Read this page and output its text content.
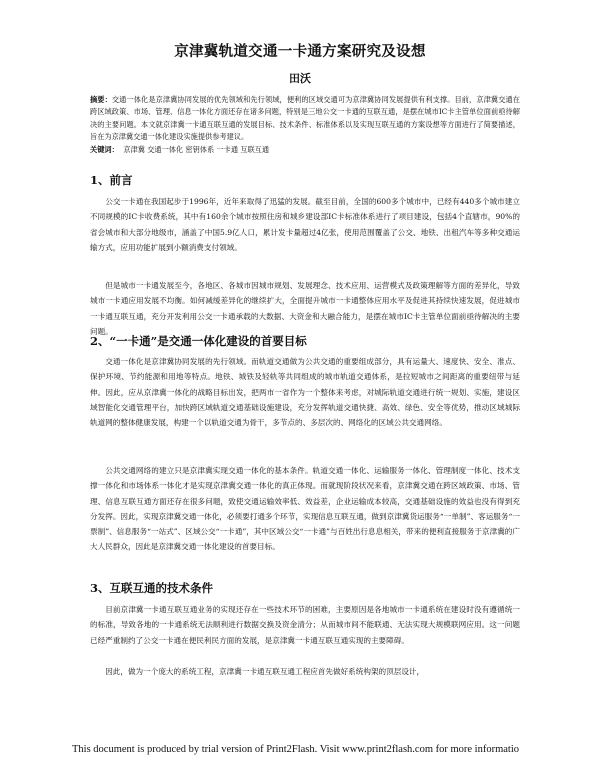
京津冀轨道交通一卡通方案研究及设想
田沃
摘要：交通一体化是京津冀协同发展的优先领域和先行领域，便利的区域交通可为京津冀协同发展提供有利支撑。目前，京津冀交通在跨区域政策、市场、管理、信息一体化方面还存在诸多问题，特别是三地公交一卡通的互联互通，是摆在城市IC卡主管单位面前亟待解决的主要问题。本文就京津冀一卡通互联互通的发展目标、技术条件、标准体系以及实现互联互通的方案设想等方面进行了简要描述，旨在为京津冀交通一体化建设实施提供参考建议。
关键词： 京津冀 交通一体化 密钥体系 一卡通 互联互通
1、前言
公交一卡通在我国起步于1996年，近年来取得了迅猛的发展。截至目前，全国的600多个城市中，已经有440多个城市建立不同规模的IC卡收费系统，其中有160余个城市按照住房和城乡建设部IC卡标准体系进行了项目建设，包括4个直辖市，90%的省会城市和大部分地级市，涵盖了中国5.9亿人口，累计发卡量超过4亿张，使用范围覆盖了公交、地铁、出租汽车等多种交通运输方式，应用功能扩展到小额消费支付领域。
但是城市一卡通发展至今，各地区、各城市因城市规划、发展理念、技术应用、运营模式及政策理解等方面的差异化，导致城市一卡通应用发展不均衡。如何减缓差异化的继续扩大，全面提升城市一卡通整体应用水平及促进其持续快速发展，促进城市一卡通互联互通，充分开发利用公交一卡通承载的大数据、大资金和大融合能力，是摆在城市IC卡主管单位面前亟待解决的主要问题。
2、“一卡通”是交通一体化建设的首要目标
交通一体化是京津冀协同发展的先行领域。而轨道交通做为公共交通的重要组成部分，具有运量大、速度快、安全、准点、保护环境、节约能源和用地等特点。地铁、城铁及轻轨等共同组成的城市轨道交通体系，是拉短城市之间距离的重要纽带与延伸。因此，应从京津冀一体化的战略目标出发，把两市一省作为一个整体来考虑，对城际轨道交通进行统一规划、实施，建设区域智能化交通管理平台，加快跨区域轨道交通基础设施建设，充分发挥轨道交通快捷、高效、绿色、安全等优势，推动区域城际轨道网的整体健康发展，构建一个以轨道交通为骨干，多节点的、多层次的、网络化的区域公共交通网络。
公共交通网络的建立只是京津冀实现交通一体化的基本条件。轨道交通一体化、运输服务一体化、管理制度一体化、技术支撑一体化和市场体系一体化才是实现京津冀交通一体化的真正体现。而就现阶段状况来看，京津冀交通在跨区域政策、市场、管理、信息互联互通方面还存在很多问题，致使交通运输效率低、效益差，企业运输成本较高，交通基础设施的效益也没有得到充分发挥。因此，实现京津冀交通一体化，必须要打通多个环节，实现信息互联互通，做到京津冀货运服务“一单制”、客运服务“一票制”、信息服务“一站式”、区域公交“一卡通”，其中区域公交“一卡通”与百姓出行息息相关，带来的便利直接服务于京津冀的广大人民群众，因此是京津冀交通一体化建设的首要目标。
3、互联互通的技术条件
目前京津冀一卡通互联互通业务的实现还存在一些技术环节的困难，主要原因是各地城市一卡通系统在建设时没有遵循统一的标准，导致各地的一卡通系统无法顺利进行数据交换及资金清分；从而城市间不能联通、无法实现大规模联网应用。这一问题已经严重制约了公交一卡通在便民利民方面的发展，是京津冀一卡通互联互通实现的主要障碍。
因此，做为一个庞大的系统工程，京津冀一卡通互联互通工程应首先做好系统构架的顶层设计，
This document is produced by trial version of Print2Flash. Visit www.print2flash.com for more informatio
